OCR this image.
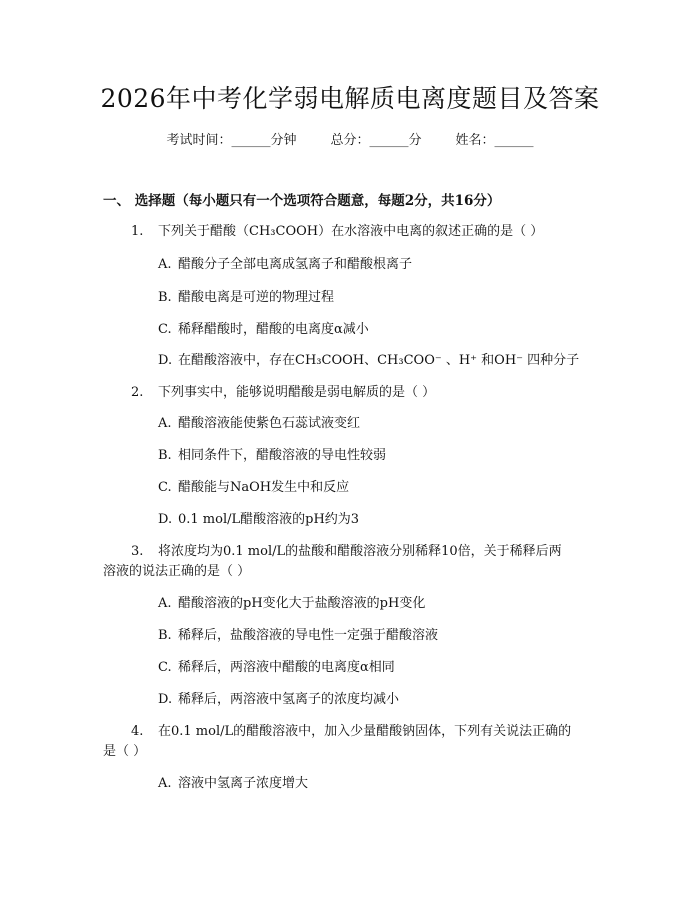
2026年中考化学弱电解质电离度题目及答案
考试时间：______分钟	总分：______分	姓名：______
一、 选择题（每小题只有一个选项符合题意，每题2分，共16分）
1. 下列关于醋酸（CH₃COOH）在水溶液中电离的叙述正确的是（ ）
A. 醋酸分子全部电离成氢离子和醋酸根离子
B. 醋酸电离是可逆的物理过程
C. 稀释醋酸时，醋酸的电离度α减小
D. 在醋酸溶液中，存在CH₃COOH、CH₃COO⁻ 、H⁺ 和OH⁻ 四种分子
2. 下列事实中，能够说明醋酸是弱电解质的是（ ）
A. 醋酸溶液能使紫色石蕊试液变红
B. 相同条件下，醋酸溶液的导电性较弱
C. 醋酸能与NaOH发生中和反应
D. 0.1 mol/L醋酸溶液的pH约为3
3. 将浓度均为0.1 mol/L的盐酸和醋酸溶液分别稀释10倍，关于稀释后两
溶液的说法正确的是（ ）
A. 醋酸溶液的pH变化大于盐酸溶液的pH变化
B. 稀释后，盐酸溶液的导电性一定强于醋酸溶液
C. 稀释后，两溶液中醋酸的电离度α相同
D. 稀释后，两溶液中氢离子的浓度均减小
4. 在0.1 mol/L的醋酸溶液中，加入少量醋酸钠固体，下列有关说法正确的
是（ ）
A. 溶液中氢离子浓度增大
